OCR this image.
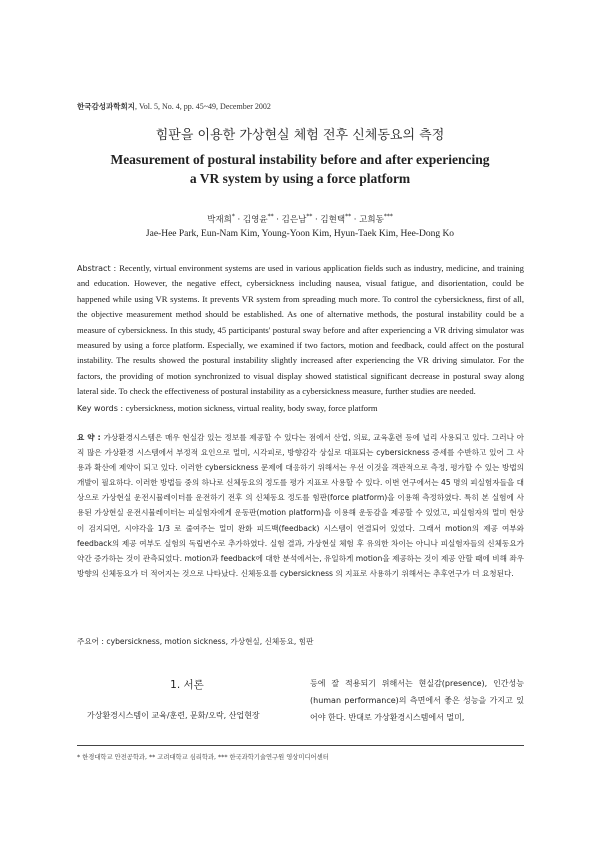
한국감성과학회지, Vol. 5, No. 4, pp. 45~49, December 2002
힘판을 이용한 가상현실 체험 전후 신체동요의 측정
Measurement of postural instability before and after experiencing
a VR system by using a force platform
박재희* · 김영윤** · 김은남** · 김현택** · 고희동***
Jae-Hee Park, Eun-Nam Kim, Young-Yoon Kim, Hyun-Taek Kim, Hee-Dong Ko
Abstract : Recently, virtual environment systems are used in various application fields such as industry, medicine, and training and education. However, the negative effect, cybersickness including nausea, visual fatigue, and disorientation, could be happened while using VR systems. It prevents VR system from spreading much more. To control the cybersickness, first of all, the objective measurement method should be established. As one of alternative methods, the postural instability could be a measure of cybersickness. In this study, 45 participants' postural sway before and after experiencing a VR driving simulator was measured by using a force platform. Especially, we examined if two factors, motion and feedback, could affect on the postural instability. The results showed the postural instability slightly increased after experiencing the VR driving simulator. For the factors, the providing of motion synchronized to visual display showed statistical significant decrease in postural sway along lateral side. To check the effectiveness of postural instability as a cybersickness measure, further studies are needed.
Key words : cybersickness, motion sickness, virtual reality, body sway, force platform
요 약 : 가상환경시스템은 매우 현실감 있는 정보를 제공할 수 있다는 점에서 산업, 의료, 교육훈련 등에 널리 사용되고 있다. 그러나 아직 많은 가상환경 시스템에서 부정적 요인으로 멀미, 시각피로, 방향감각 상실로 대표되는 cybersickness 증세를 수반하고 있어 그 사용과 확산에 제약이 되고 있다. 이러한 cybersickness 문제에 대응하기 위해서는 우선 이것을 객관적으로 측정, 평가할 수 있는 방법의 개발이 필요하다. 이러한 방법들 중의 하나로 신체동요의 정도를 평가 지표로 사용할 수 있다. 이번 연구에서는 45 명의 피실험자들을 대상으로 가상현실 운전시뮬레이터를 운전하기 전후 의 신체동요 정도를 힘판(force platform)을 이용해 측정하였다. 특히 본 실험에 사용된 가상현실 운전시뮬레이터는 피실험자에게 운동판(motion platform)을 이용해 운동감을 제공할 수 있었고, 피실험자의 멀미 현상이 검지되면, 시야각을 1/3 로 줄여주는 멀미 완화 피드백(feedback) 시스템이 연결되어 있었다. 그래서 motion의 제공 여부와 feedback의 제공 여부도 실험의 독립변수로 추가하였다. 실험 결과, 가상현실 체험 후 유의한 차이는 아니나 피실험자들의 신체동요가 약간 증가하는 것이 관측되었다. motion과 feedback에 대한 분석에서는, 유일하게 motion을 제공하는 것이 제공 안할 때에 비해 좌우 방향의 신체동요가 더 적어지는 것으로 나타났다. 신체동요를 cybersickness 의 지표로 사용하기 위해서는 추후연구가 더 요청된다.
주요어 : cybersickness, motion sickness, 가상현실, 신체동요, 힘판
1. 서론
가상환경시스템이 교육/훈련, 문화/오락, 산업현장
등에 잘 적용되기 위해서는 현실감(presence), 인간성능(human performance)의 측면에서 좋은 성능을 가지고 있어야 한다. 반대로 가상환경시스템에서 멀미,
* 한경대학교 안전공학과, ** 고려대학교 심리학과, *** 한국과학기술연구원 영상미디어센터
